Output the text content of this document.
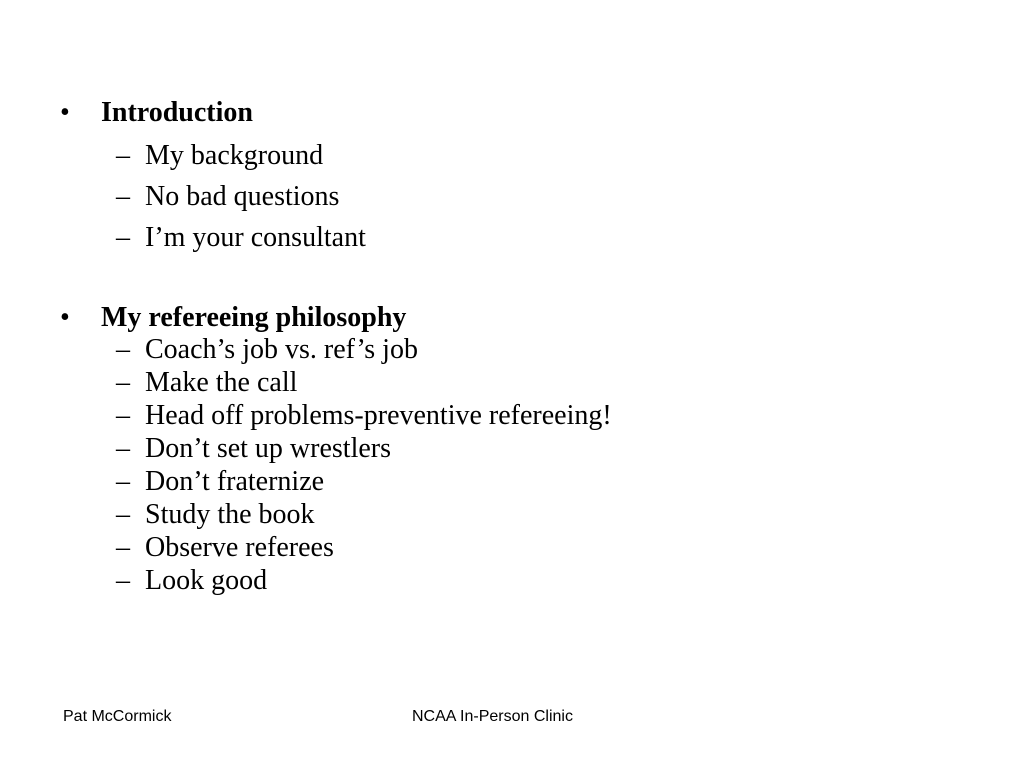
• Introduction
– My background
– No bad questions
– I’m your consultant
• My refereeing philosophy
– Coach’s job vs. ref’s job
– Make the call
– Head off problems-preventive refereeing!
– Don’t set up wrestlers
– Don’t fraternize
– Study the book
– Observe referees
– Look good
Pat McCormick	NCAA In-Person Clinic
